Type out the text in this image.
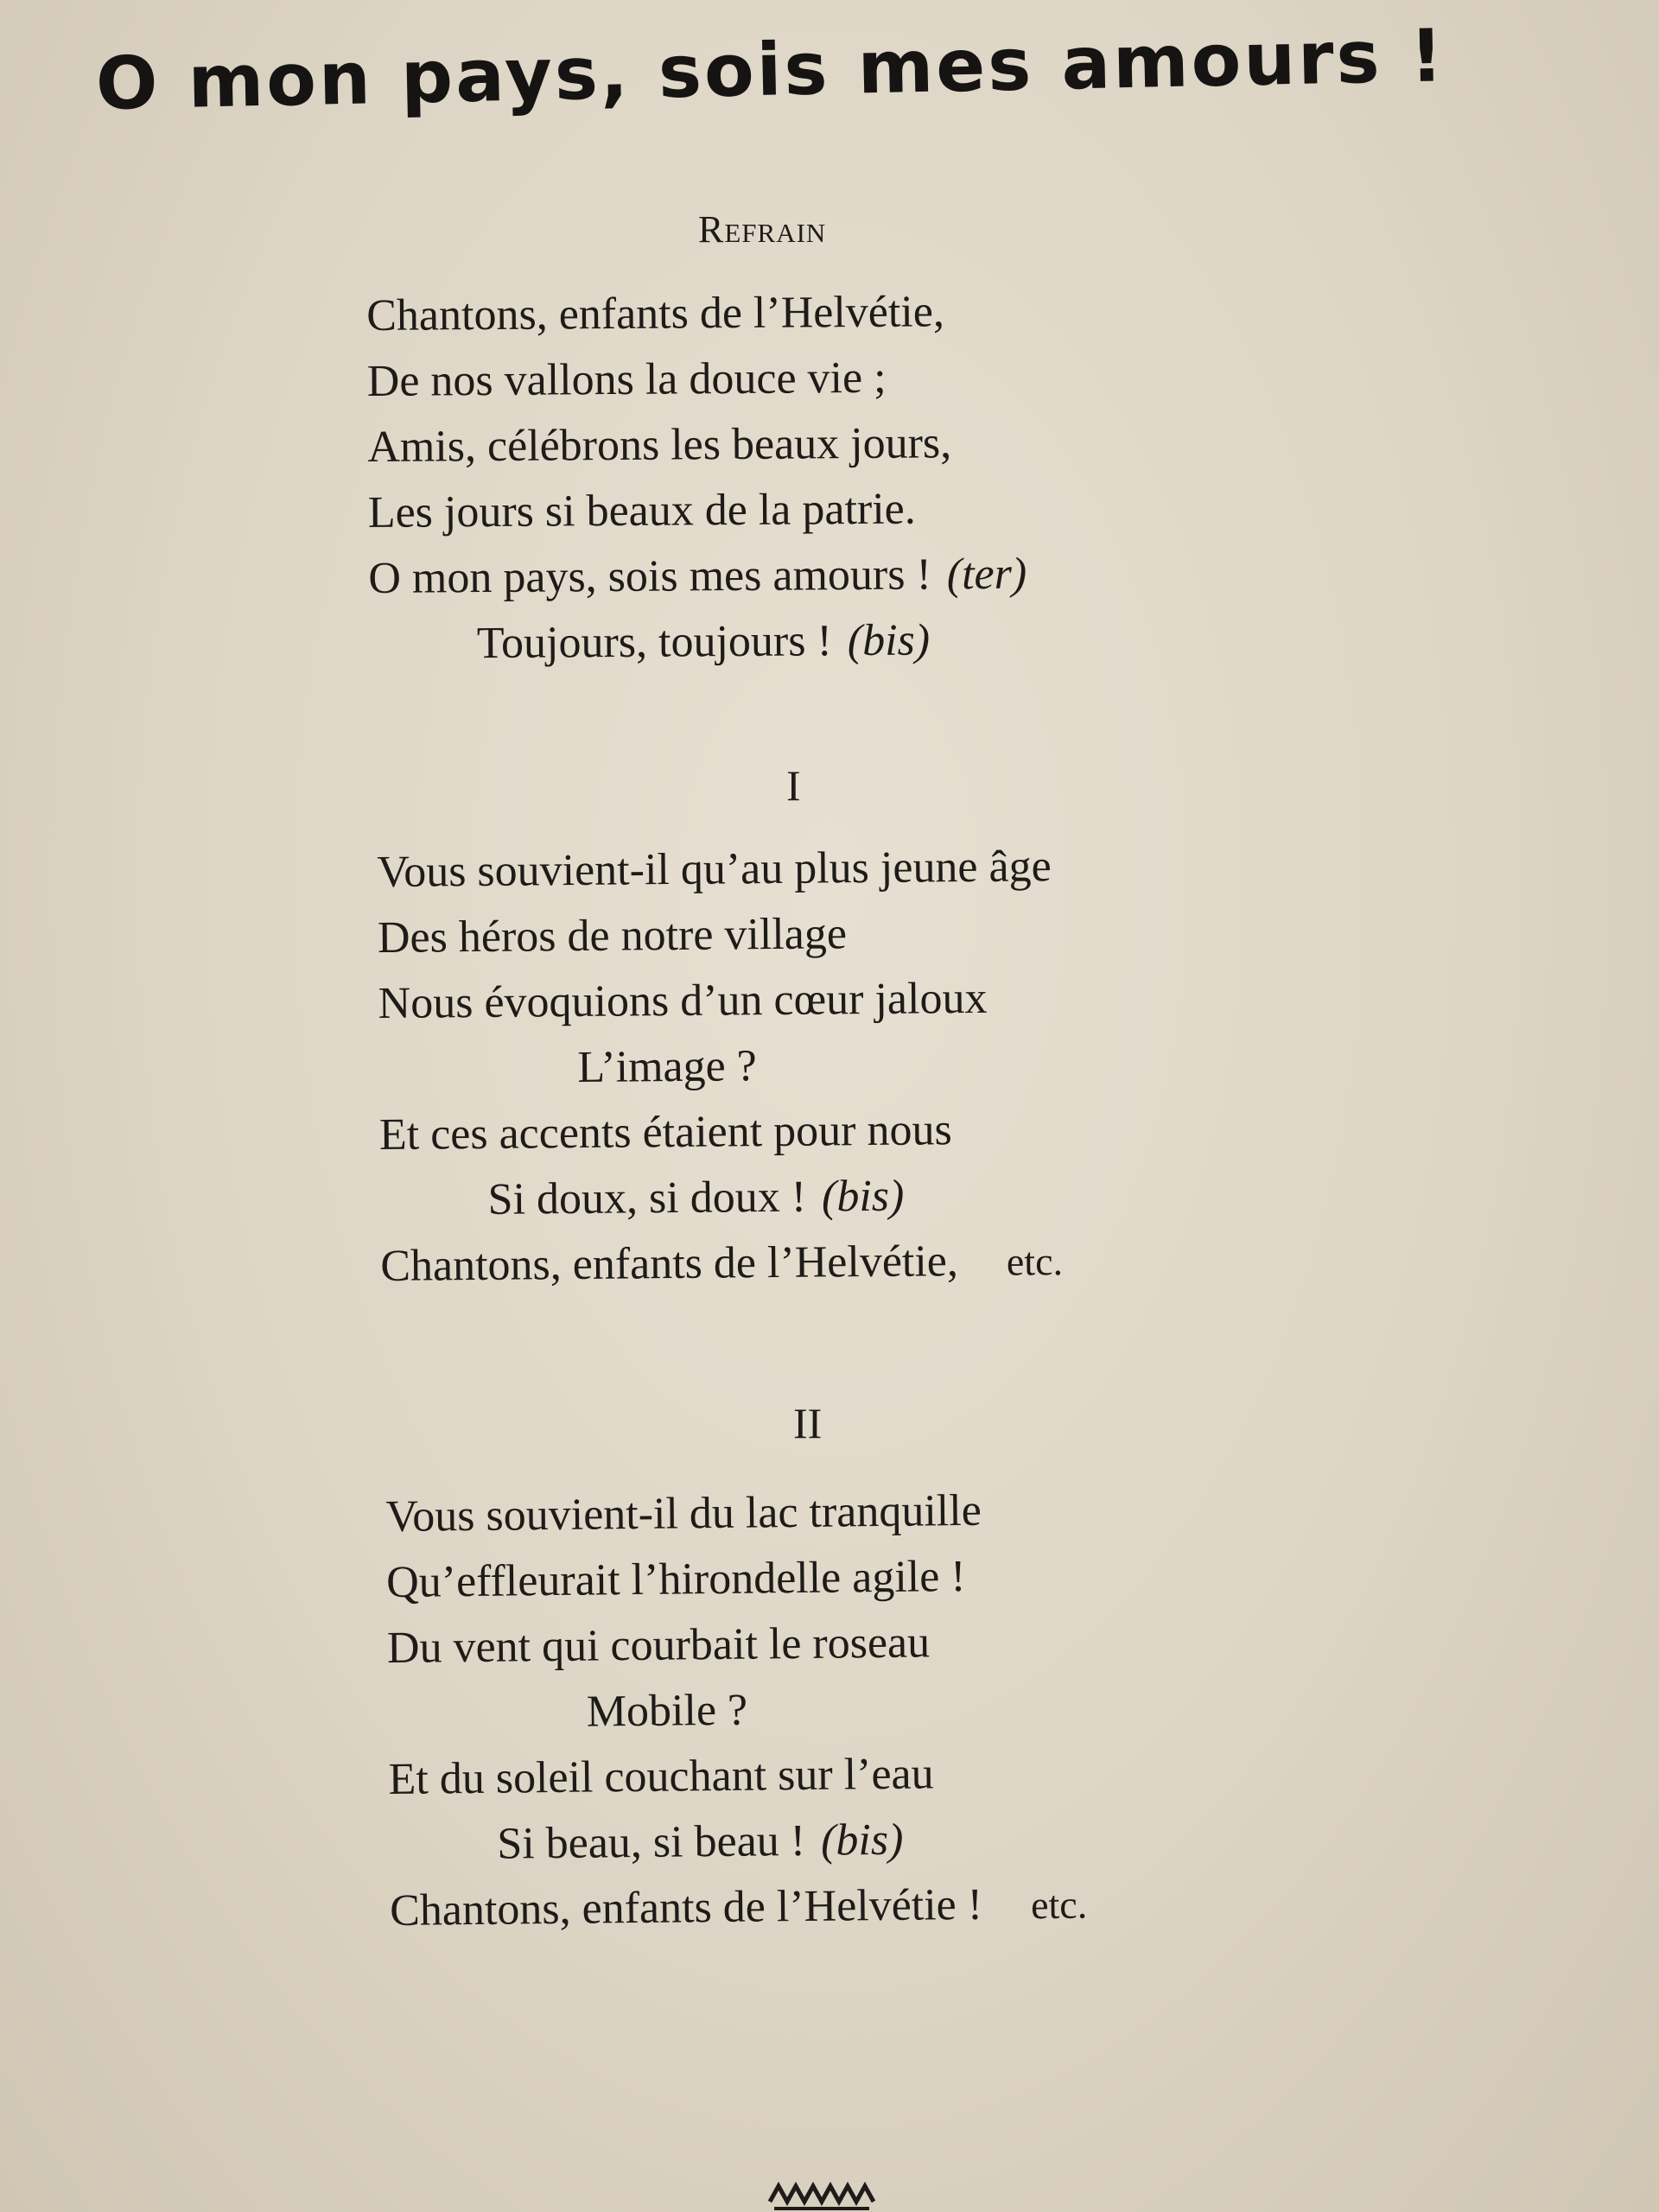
O mon pays, sois mes amours !
Refrain
Chantons, enfants de l’Helvétie,
De nos vallons la douce vie ;
Amis, célébrons les beaux jours,
Les jours si beaux de la patrie.
O mon pays, sois mes amours ! (ter)
Toujours, toujours ! (bis)
I
Vous souvient-il qu’au plus jeune âge
Des héros de notre village
Nous évoquions d’un cœur jaloux
L’image ?
Et ces accents étaient pour nous
Si doux, si doux ! (bis)
Chantons, enfants de l’Helvétie, etc.
II
Vous souvient-il du lac tranquille
Qu’effleurait l’hirondelle agile !
Du vent qui courbait le roseau
Mobile ?
Et du soleil couchant sur l’eau
Si beau, si beau ! (bis)
Chantons, enfants de l’Helvétie ! etc.
